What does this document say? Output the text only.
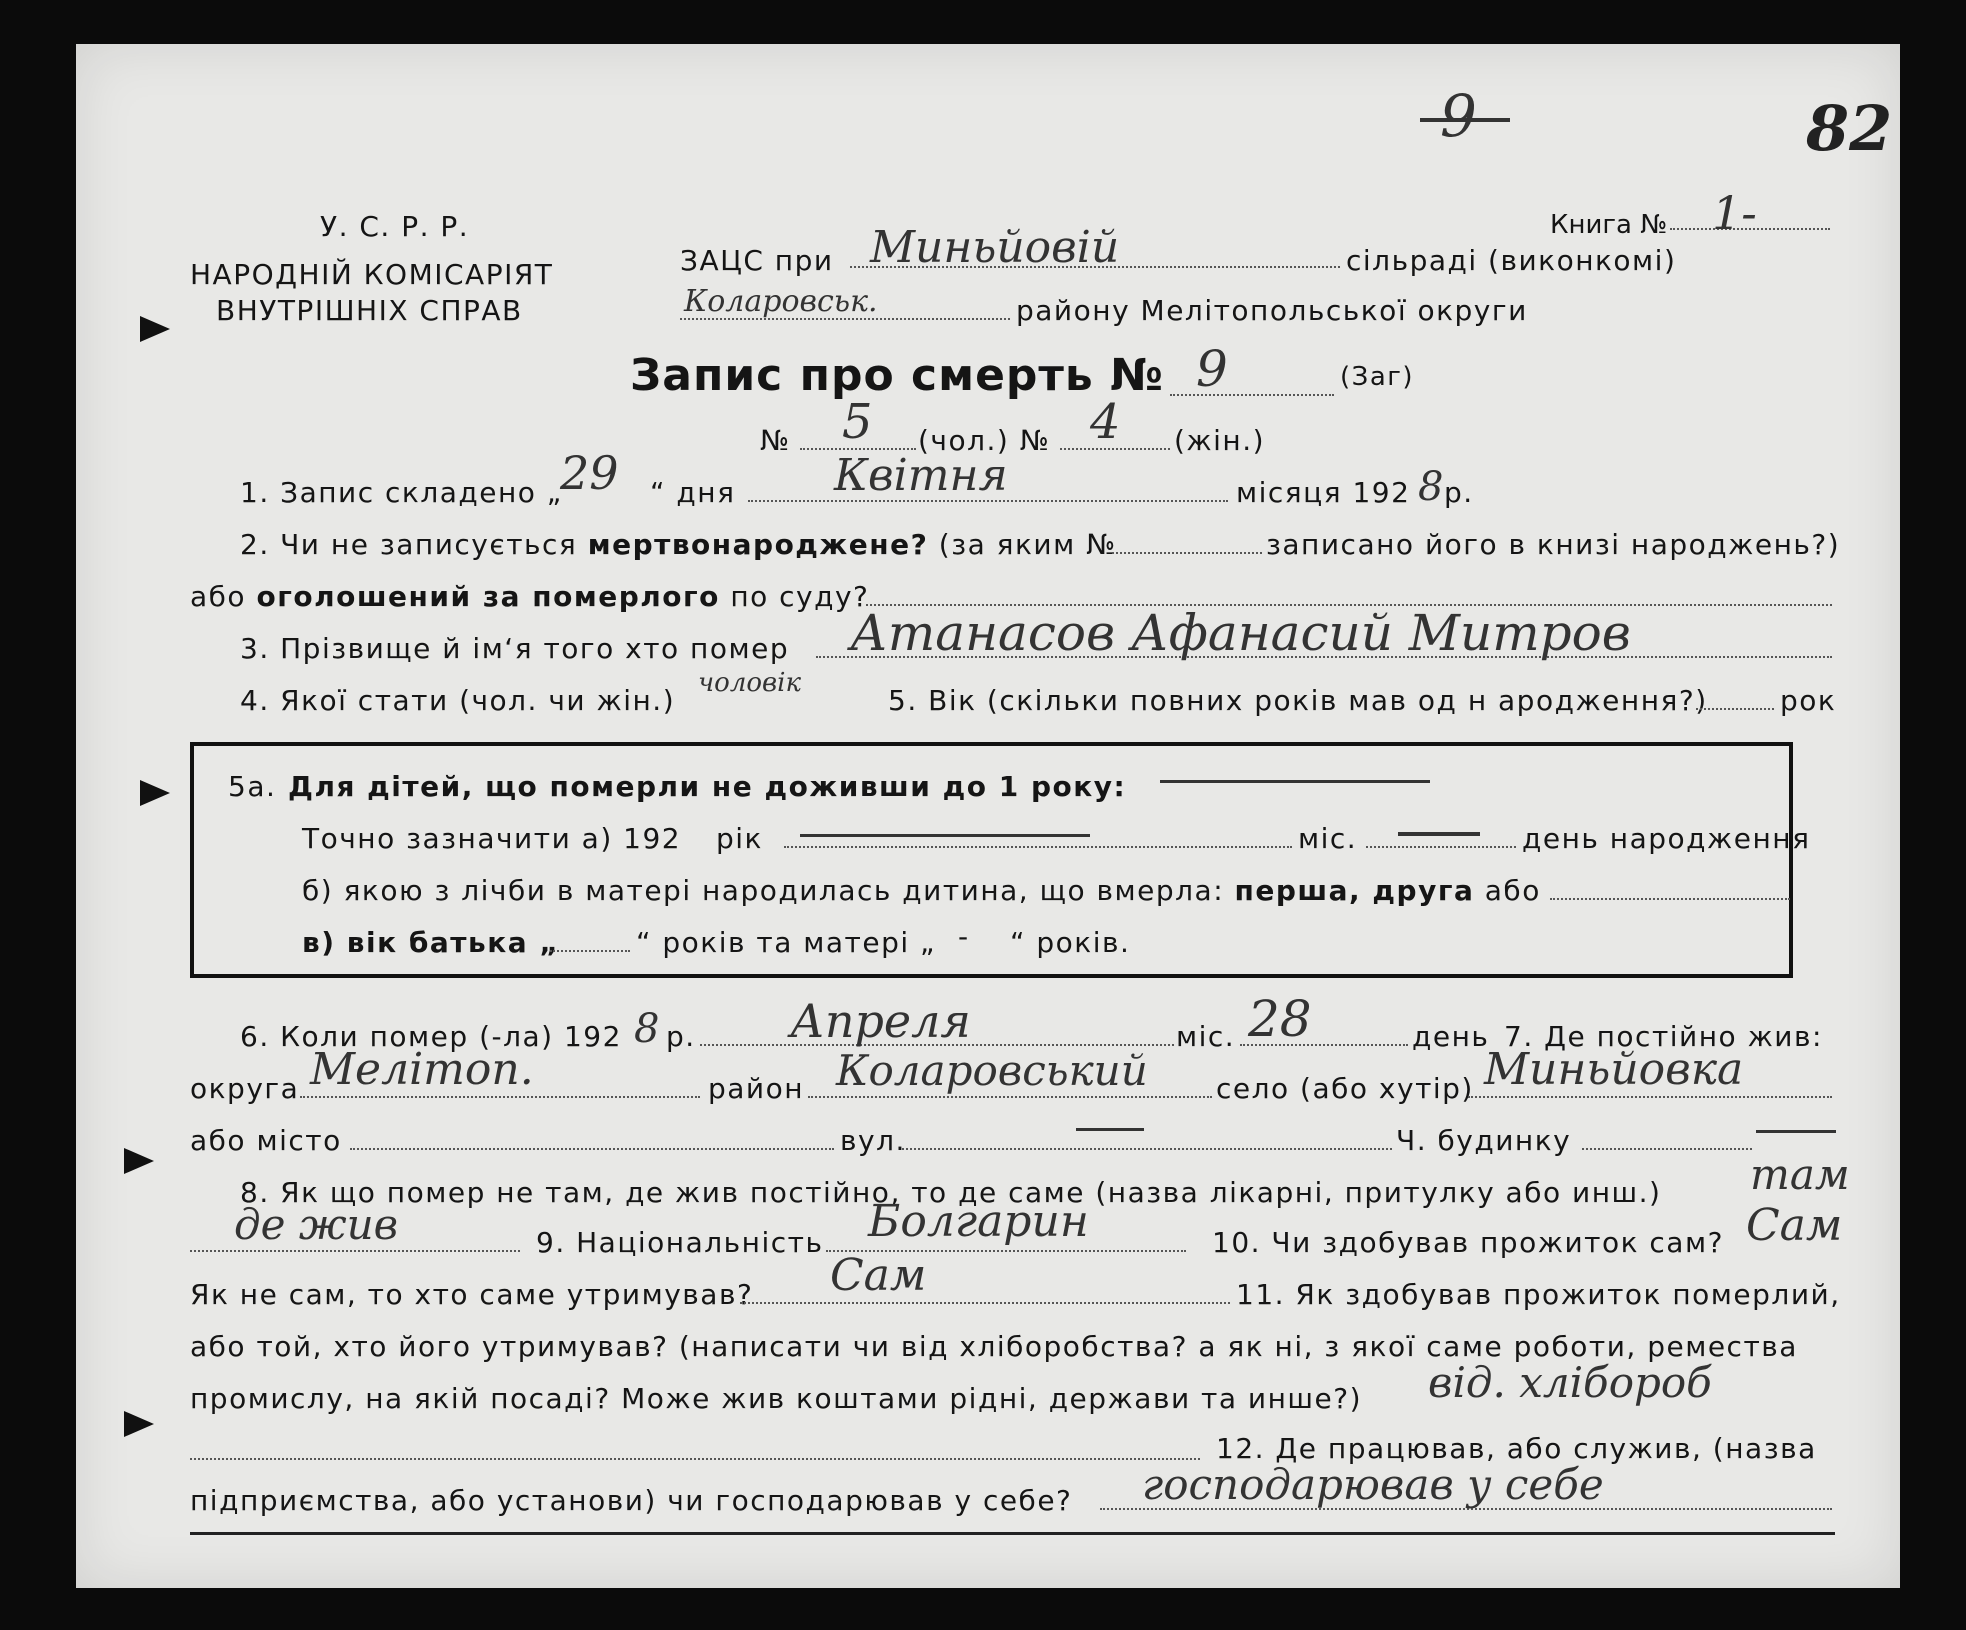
9	82
У. С. Р. Р.
НАРОДНІЙ КОМІСАРІЯТ
ВНУТРІШНІХ СПРАВ
Книга № 1-
ЗАЦС при Миньйовій	сільраді (виконкомі)
Коларовськ.	району Мелітопольської округи
Запис про смерть № 9	(Заг)
№ 5 (чол.) № 4 (жін.)
1. Запис складено „
29 “ дня Квітня	місяця 192 8 р.
2. Чи не записується мертвонароджене? (за яким №	записано його в книзі народжень?)
або оголошений за померлого по суду?
3. Прізвище й ім‘я того хто помер Атанасов Афанасий Митров
4. Якої стати (чол. чи жін.)
чоловік
5. Вік (скільки повних років мав од н ародження?)	рок
5а. Для дітей, що померли не доживши до 1 року:
Точно зазначити а) 192 рік	міс.	день народження
б) якою з лічби в матері народилась дитина, що вмерла: перша, друга або
в) вік батька „	“ років та матері „ - “ років.
6. Коли помер (-ла) 192 8 р. Апреля	міс. 28	день 7. Де постійно жив:
округа Мелітоп.	район Коларовський село (або хутір) Миньйовка
або місто	вул.	Ч. будинку
8. Як що помер не там, де жив постійно, то де саме (назва лікарні, притулку або инш.) там
де жив	9. Національність Болгарин	10. Чи здобував прожиток сам? Сам
Як не сам, то хто саме утримував? Сам	11. Як здобував прожиток померлий,
або той, хто його утримував? (написати чи від хліборобства? а як ні, з якої саме роботи, ремества
промислу, на якій посаді? Може жив коштами рідні, держави та инше?) від. хлібороб
12. Де працював, або служив, (назва
підприємства, або установи) чи господарював у себе? господарював у себе
